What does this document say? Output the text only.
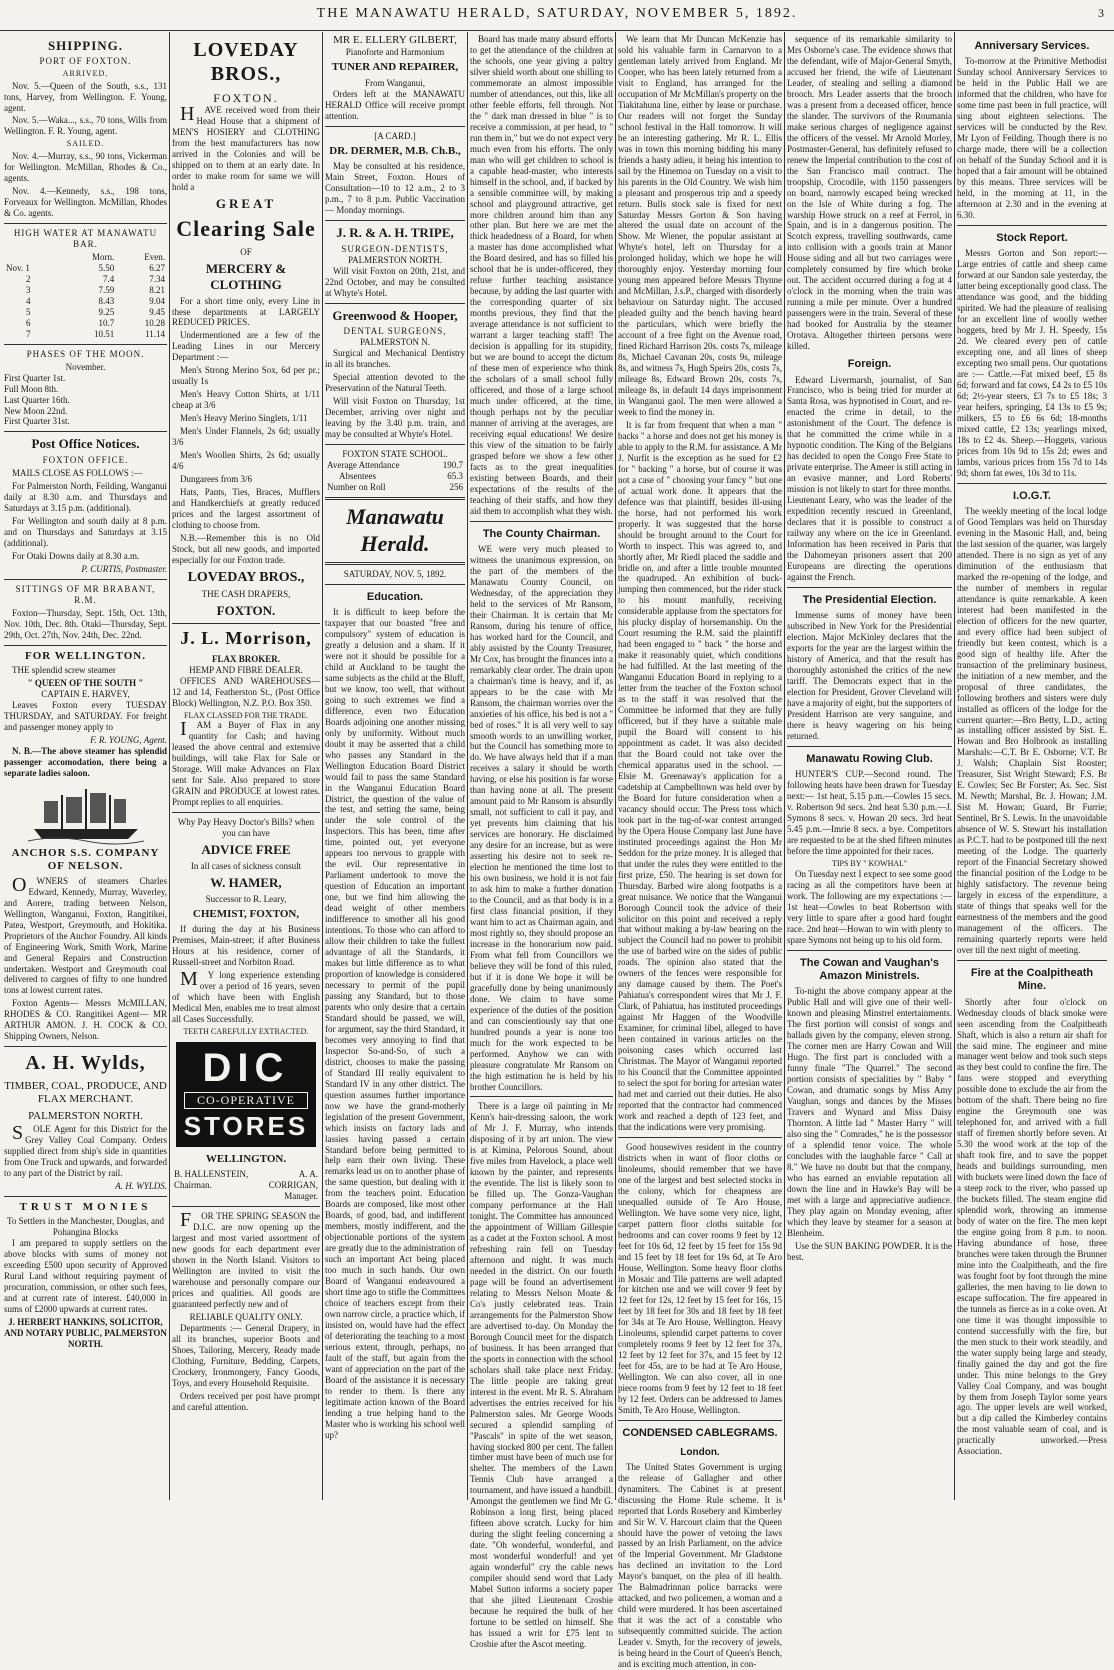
THE MANAWATU HERALD, SATURDAY, NOVEMBER 5, 1892.	3
SHIPPING.
PORT OF FOXTON.
ARRIVED.

Nov. 5.—Queen of the South, s.s., 131 tons, Harvey, from Wellington. F. Young, agent.

Nov. 5.—Waka..., s.s., 70 tons, Wills from Wellington. F. R. Young, agent.

SAILED.

Nov. 4.—Murray, s.s., 90 tons, Vickerman for Wellington. McMillan, Rhodes & Co., agents.

Nov. 4.—Kennedy, s.s., 198 tons, Forveaux for Wellington. McMillan, Rhodes & Co. agents.

HIGH WATER AT MANAWATU BAR.
	Morn.	Even.
Nov. 1	5.50	6.27
2	7.4	7.34
3	7.59	8.21
4	8.43	9.04
5	9.25	9.45
6	10.7	10.28
7	10.51	11.14
PHASES OF THE MOON.
November.
First Quarter 1st.
Full Moon 8th.
Last Quarter 16th.
New Moon 22nd.
First Quarter 31st.
Post Office Notices.
FOXTON OFFICE.

MAILS CLOSE AS FOLLOWS :—

For Palmerston North, Feilding, Wanganui daily at 8.30 a.m. and Thursdays and Saturdays at 3.15 p.m. (additional).

For Wellington and south daily at 8 p.m. and on Thursdays and Saturdays at 3.15 (additional).

For Otaki Downs daily at 8.30 a.m.

P. CURTIS, Postmaster.
SITTINGS OF MR BRABANT, R.M.

Foxton—Thursday, Sept. 15th, Oct. 13th, Nov. 10th, Dec. 8th. Otaki—Thursday, Sept. 29th, Oct. 27th, Nov. 24th, Dec. 22nd.

FOR WELLINGTON.

THE splendid screw steamer

" QUEEN OF THE SOUTH "
CAPTAIN E. HARVEY,

Leaves Foxton every TUESDAY THURSDAY, and SATURDAY. For freight and passenger money apply to

F. R. YOUNG, Agent.

N. B.—The above steamer has splendid passenger accomodation, there being a separate ladies saloon.

ANCHOR S.S. COMPANY OF NELSON.

OWNERS of steamers Charles Edward, Kennedy, Murray, Waverley, and Aorere, trading between Nelson, Wellington, Wanganui, Foxton, Rangitikei, Patea, Westport, Greymouth, and Hokitika. Proprietors of the Anchor Foundry. All kinds of Engineering Work, Smith Work, Marine and General Repairs and Construction undertaken. Westport and Greymouth coal delivered to cargoes of fifty to one hundred tons at lowest current rates.

Foxton Agents— Messrs McMILLAN, RHODES & CO. Rangitikei Agent— MR ARTHUR AMON. J. H. COCK & CO. Shipping Owners, Nelson.

A. H. Wylds,
TIMBER, COAL, PRODUCE, AND FLAX MERCHANT.
PALMERSTON NORTH.

SOLE Agent for this District for the Grey Valley Coal Company. Orders supplied direct from ship's side in quantities from One Truck and upwards, and forwarded to any part of the District by rail.

A. H. WYLDS.
TRUST MONIES
To Settlers in the Manchester, Douglas, and Pohangina Blocks

I am prepared to supply settlers on the above blocks with sums of money not exceeding £500 upon security of Approved Rural Land without requiring payment of procuration, commission, or other such fees, and at current rate of interest. £40,000 in sums of £2000 upwards at current rates.

J. HERBERT HANKINS, SOLICITOR, AND NOTARY PUBLIC, PALMERSTON NORTH.
LOVEDAY BROS.,
FOXTON.

HAVE received word from their Head House that a shipment of MEN'S HOSIERY and CLOTHING from the best manufacturers has now arrived in the Colonies and will be shipped on to them at an early date. In order to make room for same we will hold a

GREAT
Clearing Sale
OF
MERCERY & CLOTHING

For a short time only, every Line in these departments at LARGELY REDUCED PRICES.

Undermentioned are a few of the Leading Lines in our Mercery Department :—

Men's Strong Merino Sox, 6d per pr.; usually 1s

Men's Heavy Cotton Shirts, at 1/11 cheap at 3/6

Men's Heavy Merino Singlets, 1/11

Men's Under Flannels, 2s 6d; usually 3/6

Men's Woollen Shirts, 2s 6d; usually 4/6

Dungarees from 3/6

Hats, Pants, Ties, Braces, Mufflers and Handkerchiefs at greatly reduced prices and the largest assortment of clothing to choose from.

N.B.—Remember this is no Old Stock, but all new goods, and imported especially for our Foxton trade.

LOVEDAY BROS.,
THE CASH DRAPERS,
FOXTON.
J. L. Morrison,
FLAX BROKER.
HEMP AND FIBRE DEALER.

OFFICES AND WAREHOUSES— 12 and 14, Featherston St., (Post Office Block) Wellington, N.Z. P.O. Box 350.

FLAX CLASSED FOR THE TRADE.

IAM a Buyer of Flax in any quantity for Cash; and having leased the above central and extensive buildings, will take Flax for Sale or Storage. Will make Advances on Flax sent for Sale. Also prepared to store GRAIN and PRODUCE at lowest rates. Prompt replies to all enquiries.

Why Pay Heavy Doctor's Bills? when you can have
ADVICE FREE
In all cases of sickness consult
W. HAMER,
Successor to R. Leary,
CHEMIST, FOXTON,

If during the day at his Business Premises, Main-street; if after Business Hours at his residence, corner of Russell-street and Norbiton Road.

MY long experience extending over a period of 16 years, seven of which have been with English Medical Men, enables me to treat almost all Cases Successfully.

TEETH CAREFULLY EXTRACTED.
DIC
CO-OPERATIVE
STORES
WELLINGTON.
B. HALLENSTEIN, Chairman.	A. A. CORRIGAN, Manager.

FOR THE SPRING SEASON the D.I.C. are now opening up the largest and most varied assortment of new goods for each department ever shown in the North Island. Visitors to Wellington are invited to visit the warehouse and personally compare our prices and qualities. All goods are guaranteed perfectly new and of

RELIABLE QUALITY ONLY.

Departments :— General Drapery, in all its branches, superior Boots and Shoes, Tailoring, Mercery, Ready made Clothing, Furniture, Bedding, Carpets, Crockery, Ironmongery, Fancy Goods, Toys, and every Household Requisite.

Orders received per post have prompt and careful attention.

MR E. ELLERY GILBERT,
Pianoforte and Harmonium
TUNER AND REPAIRER,
From Wanganui,

Orders left at the MANAWATU HERALD Office will receive prompt attention.

[A CARD.]
DR. DERMER, M.B. Ch.B.,

May be consulted at his residence, Main Street, Foxton. Hours of Consultation—10 to 12 a.m., 2 to 3 p.m., 7 to 8 p.m. Public Vaccination — Monday mornings.

J. R. & A. H. TRIPE,
SURGEON-DENTISTS,
PALMERSTON NORTH.

Will visit Foxton on 20th, 21st, and 22nd October, and may be consulted at Whyte's Hotel.

Greenwood & Hooper,
DENTAL SURGEONS,
PALMERSTON N.

Surgical and Mechanical Dentistry in all its branches.

Special attention devoted to the Preservation of the Natural Teeth.

Will visit Foxton on Thursday, 1st December, arriving over night and leaving by the 3.40 p.m. train, and may be consulted at Whyte's Hotel.

FOXTON STATE SCHOOL.
Average Attendance	190.7
Absentees	65.3
Number on Roll	256
Manawatu Herald.
SATURDAY, NOV. 5, 1892.
Education.

It is difficult to keep before the taxpayer that our boasted "free and compulsory" system of education is greatly a delusion and a sham. If it were not it should be possible for a child at Auckland to be taught the same subjects as the child at the Bluff, but we know, too well, that without going to such extremes we find a difference, even two Education Boards adjoining one another missing only by uniformity. Without much doubt it may be asserted that a child who passes any Standard in the Wellington Education Board District would fail to pass the same Standard in the Wanganui Education Board District, the question of the value of the test, and setting the same, being under the sole control of the Inspectors. This has been, time after time, pointed out, yet everyone appears too nervous to grapple with the evil. Our representative in Parliament undertook to move the question of Education an important one, but we find him allowing the dead weight of other members indifference to smother all his good intentions. To those who can afford to allow their children to take the fullest advantage of all the Standards, it makes but little difference as to what proportion of knowledge is considered necessary to permit of the pupil passing any Standard, but to those parents who only desire that a certain Standard should be passed, we will, for argument, say the third Standard, it becomes very annoying to find that Inspector So-and-So, of such a district, chooses to make the passing of Standard III really equivalent to Standard IV in any other district. The question assumes further importance now we have the grand-motherly legislation of the present Government, which insists on factory lads and lassies having passed a certain Standard before being permitted to help earn their own living. These remarks lead us on to another phase of the same question, but dealing with it from the teachers point. Education Boards are composed, like most other Boards, of good, bad, and indifferent members, mostly indifferent, and the objectionable portions of the system are greatly due to the administration of such an important Act being placed too much in such hands. Our own Board of Wanganui endeavoured a short time ago to stifle the Committees choice of teachers except from their own narrow circle, a practice which, if insisted on, would have had the effect of deteriorating the teaching to a most serious extent, through, perhaps, no fault of the staff, but again from the want of appreciation on the part of the Board of the assistance it is necessary to render to them. Is there any legitimate action known of the Board lending a true helping hand to the Master who is working his school well up?

Board has made many absurd efforts to get the attendance of the children at the schools, one year giving a paltry silver shield worth about one shilling to commemorate an almost impossible number of attendances, out this, like all other feeble efforts, fell through. Not the " dark man dressed in blue " is to receive a commission, at per head, to " run them in," but we do not expect very much even from his efforts. The only man who will get children to school is a capable head-master, who interests himself in the school, and, if backed by a sensible committee will, by making school and playground attractive, get more children around him than any other plan. But here we are met the thick headedness of a Board, for when a master has done accomplished what the Board desired, and has so filled his school that he is under-officered, they refuse further teaching assistance because, by adding the last quarter with the corresponding quarter of six months previous, they find that the average attendance is not sufficient to warrant a larger teaching staff! The decision is appalling for its stupidity, but we are bound to accept the dictum of these men of experience who think the scholars of a small school fully officered, and those of a large school much under officered, at the time, though perhaps not by the peculiar manner of arriving at the averages, are receiving equal educations! We desire this view of the situation to be fairly grasped before we show a few other facts as to the great inequalities existing between Boards, and their expectations of the results of the teaching of their staffs, and how they aid them to accomplish what they wish.

The County Chairman.

WE were very much pleased to witness the unanimous expression, on the part of the members of the Manawatu County Council, on Wednesday, of the appreciation they held to the services of Mr Ransom, their Chairman. It is certain that Mr Ransom, during his tenure of office, has worked hard for the Council, and ably assisted by the County Treasurer, Mr Cox, has brought the finances into a remarkably clear order. The drain upon a chairman's time is heavy, and if, as appears to be the case with Mr Ransom, the chairman worries over the anxieties of his office, his bed is not a " bed of roses." It is all very well to say smooth words to an unwilling worker, but the Council has something more to do. We have always held that if a man receives a salary it should be worth having, or else his position is far worse than having none at all. The present amount paid to Mr Ransom is absurdly small, not sufficient to call it pay, and yet prevents him claiming that his services are honorary. He disclaimed any desire for an increase, but as were asserting his desire not to seek re-election he mentioned the time lost to his own business, we hold it is not fair to ask him to make a further donation to the Council, and as that body is in a first class financial position, if they want him to act as Chairman again, and most rightly so, they should propose an increase in the honorarium now paid. From what fell from Councillors we believe they will be fond of this ruled, but if it is done We hope it will be gracefully done by being unanimously done. We claim to have some experience of the duties of the position and can conscientiously say that one hundred pounds a year is none too much for the work expected to be performed. Anyhow we can with pleasure congratulate Mr Ransom on the high estimation he is held by his brother Councillors.

There is a large oil painting in Mr Kenn's hair-dressing saloon, the work of Mr J. F. Murray, who intends disposing of it by art union. The view is at Kimina, Pelorous Sound, about five miles from Havelock, a place well known by the painter, and represents the eventide. The list is likely soon to be filled up. The Gonza-Vaughan company performance at the Hall tonight. The Committee has announced the appointment of William Gillespie as a cadet at the Foxton school. A most refreshing rain fell on Tuesday afternoon and night. It was much needed in the district. On our fourth page will be found an advertisement relating to Messrs Nelson Moate & Co's justly celebrated teas. Train arrangements for the Palmerston Show are advertised to-day. On Monday the Borough Council meet for the dispatch of business. It has been arranged that the sports in connection with the school scholars shall take place next Friday. The little people are taking great interest in the event. Mr R. S. Abraham advertises the entries received for his Palmerston sales. Mr George Woods secured a splendid sampling of "Pascals" in spite of the wet season, having stocked 800 per cent. The fallen timber must have been of much use for shelter. The members of the Lawn Tennis Club have arranged a tournament, and have issued a handbill. Amongst the gentlemen we find Mr G. Robinson a long first, being placed fifteen above scratch. Lucky for him during the slight feeling concerning a date. "Oh wonderful, wonderful, and most wonderful wonderful! and yet again wonderful" cry the cable news compiler should send word that Lady Mabel Sutton informs a society paper that she jilted Lieutenant Crosbie because he required the bulk of her fortune to be settled on himself. She has issued a writ for £75 lent to Crosbie after the Ascot meeting.

We learn that Mr Duncan McKenzie has sold his valuable farm in Carnarvon to a gentleman lately arrived from England. Mr Cooper, who has been lately returned from a visit to England, has arranged for the occupation of Mr McMillan's property on the Tiakitahuna line, either by lease or purchase. Our readers will not forget the Sunday school festival in the Hall tomorrow. It will be an interesting gathering. Mr R. L. Ellis was in town this morning bidding his many friends a hasty adieu, it being his intention to sail by the Hinemoa on Tuesday on a visit to his parents in the Old Country. We wish him a pleasant and prosperous trip and a speedy return. Bulls stock sale is fixed for next Saturday Messrs Gorton & Son having altered the usual date on account of the Show. Mr Wiener, the popular assistant at Whyte's hotel, left on Thursday for a prolonged holiday, which we hope he will thoroughly enjoy. Yesterday morning four young men appeared before Messrs Thynne and McMillan, J.s.P., charged with disorderly behaviour on Saturday night. The accused pleaded guilty and the bench having heard the particulars, which were briefly the account of a free fight on the Avenue road, fined Richard Harrison 20s. costs 7s, mileage 8s, Michael Cavanan 20s, costs 9s, mileage 8s, and witness 7s, Hugh Speirs 20s, costs 7s, mileage 8s, Edward Brown 20s, costs 7s, mileage 8s, in default 14 days imprisonment in Wanganui gaol. The men were allowed a week to find the money in.

It is far from frequent that when a man " backs " a horse and does not get his money is able to apply to the R.M. for assistance. A Mr J. Nurfit is the exception as he sued for £2 for " backing " a horse, but of course it was not a case of " choosing your fancy " but one of actual work done. It appears that the defence was that plaintiff, besides ill-using the horse, had not performed his work properly. It was suggested that the horse should be brought around to the Court for Worth to inspect. This was agreed to, and shortly after, Mr Riedl placed the saddle and bridle on, and after a little trouble mounted the quadruped. An exhibition of buck-jumping then commenced, but the rider stuck to his mount manfully, receiving considerable applause from the spectators for his plucky display of horsemanship. On the Court resuming the R.M. said the plaintiff had been engaged to " back " the horse and make it reasonably quiet, which conditions he had fulfilled. At the last meeting of the Wanganui Education Board in replying to a letter from the teacher of the Foxton school as to the staff it was resolved that the Committee be informed that they are fully officered, but if they have a suitable male pupil the Board will consent to his appointment as cadet. It was also decided that the Board could not take over the chemical apparatus used in the school. —Elsie M. Greenaway's application for a cadetship at Campbelltown was held over by the Board for future consideration when a vacancy should occur. The Press toss which took part in the tug-of-war contest arranged by the Opera House Company last June have instituted proceedings against the Hon Mr Seddon for the prize money. It is alleged that that under the rules they were entitled to the first prize, £50. The hearing is set down for Thursday. Barbed wire along footpaths is a great nuisance. We notice that the Wanganui Borough Council took the advice of their solicitor on this point and received a reply that without making a by-law bearing on the subject the Council had no power to prohibit the use of barbed wire on the sides of public roads. The opinion also stated that the owners of the fences were responsible for any damage caused by them. The Poet's Pahiatua's correspondent wires that Mr J. F. Clark, of Pahiatua, has instituted proceedings against Mr Haggen of the Woodville Examiner, for criminal libel, alleged to have been contained in various articles on the poisoning cases which occurred last Christmas. The Mayor of Wanganui reported to his Council that the Committee appointed to select the spot for boring for artesian water had met and carried out their duties. He also reported that the contractor had commenced work and reached a depth of 123 feet, and that the indications were very promising.

Good housewives resident in the country districts when in want of floor cloths or linoleums, should remember that we have one of the largest and best selected stocks in the colony, which for cheapness are unequalled outside of Te Aro House, Wellington. We have some very nice, light, carpet pattern floor cloths suitable for bedrooms and can cover rooms 9 feet by 12 feet for 10s 6d, 12 feet by 15 feet for 15s 9d and 15 feet by 18 feet for 19s 6d, at Te Aro House, Wellington. Some heavy floor cloths in Mosaic and Tile patterns are well adapted for kitchen use and we will cover 9 feet by 12 feet for 12s, 12 feet by 15 feet for 16s, 15 feet by 18 feet for 30s and 18 feet by 18 feet for 34s at Te Aro House, Wellington. Heavy Linoleums, splendid carpet patterns to cover completely rooms 9 feet by 12 feet for 37s, 12 feet by 12 feet for 37s, and 15 feet by 12 feet for 45s, are to be had at Te Aro House, Wellington. We can also cover, all in one piece rooms from 9 feet by 12 feet to 18 feet by 12 feet. Orders can be addressed to James Smith, Te Aro House, Wellington.

CONDENSED CABLEGRAMS.
London.

The United States Government is urging the release of Gallagher and other dynamiters. The Cabinet is at present discussing the Home Rule scheme. It is reported that Lords Rosebery and Kimberley and Sir W. V. Harcourt claim that the Queen should have the power of vetoing the laws passed by an Irish Parliament, on the advice of the Imperial Government. Mr Gladstone has declined an invitation to the Lord Mayor's banquet, on the plea of ill health. The Balmadrinnan police barracks were attacked, and two policemen, a woman and a child were murdered. It has been ascertained that it was the act of a constable who subsequently committed suicide. The action Leader v. Smyth, for the recovery of jewels, is being heard in the Court of Queen's Bench, and is exciting much attention, in con-

sequence of its remarkable similarity to Mrs Osborne's case. The evidence shows that the defendant, wife of Major-General Smyth, accused her friend, the wife of Lieutenant Leader, of stealing and selling a diamond brooch. Mrs Leader asserts that the brooch was a present from a deceased officer, hence the slander. The survivors of the Roumania make serious charges of negligence against the officers of the vessel. Mr Arnold Morley, Postmaster-General, has definitely refused to renew the Imperial contribution to the cost of the San Francisco mail contract. The troopship, Crocodile, with 1150 passengers on board, narrowly escaped being wrecked on the Isle of White during a fog. The warship Howe struck on a reef at Ferrol, in Spain, and is in a dangerous position. The Scotch express, travelling southwards, came into collision with a goods train at Manor House siding and all but two carriages were completely consumed by fire which broke out. The accident occurred during a fog at 4 o'clock in the morning when the train was running a mile per minute. Over a hundred passengers were in the train. Several of these had booked for Australia by the steamer Orotava. Altogether thirteen persons were killed.

Foreign.

Edward Livermarsh, journalist, of San Francisco, who is being tried for murder at Santa Rosa, was hypnotised in Court, and re-enacted the crime in detail, to the astonishment of the Court. The defence is that he committed the crime while in a hypnotic condition. The King of the Belgians has decided to open the Congo Free State to private enterprise. The Ameer is still acting in an evasive manner, and Lord Roberts' mission is not likely to start for three months. Lieutenant Leary, who was the leader of the expedition recently rescued in Greenland, declares that it is possible to construct a railway any where on the ice in Greenland. Information has been received in Paris that the Dahomeyan prisoners assert that 200 Europeans are directing the operations against the French.

The Presidential Election.

Immense sums of money have been subscribed in New York for the Presidential election. Major McKinley declares that the exports for the year are the largest within the history of America, and that the result has thoroughly astonished the critics of the new tariff. The Democrats expect that in the election for President, Grover Cleveland will have a majority of eight, but the supporters of President Harrison are very sanguine, and there is heavy wagering on his being returned.

Manawatu Rowing Club.

HUNTER'S CUP.—Second round. The following heats have been drawn for Tuesday next:— 1st heat, 5.15 p.m.—Cowles 15 secs. v. Robertson 9d secs. 2nd heat 5.30 p.m.—J. Symons 8 secs. v. Howan 20 secs. 3rd heat 5.45 p.m.—Imrie 8 secs. a bye. Competitors are requested to be at the shed fifteen minutes before the time appointed for their races.

TIPS BY " KOWHAI."

On Tuesday next I expect to see some good racing as all the competitors have been at work. The following are my expectations :— 1st heat—Cowles to beat Robertson with very little to spare after a good hard fought race. 2nd heat—Howan to win with plenty to spare Symons not being up to his old form.

The Cowan and Vaughan's Amazon Ministrels.

To-night the above company appear at the Public Hall and will give one of their well-known and pleasing Minstrel entertainments. The first portion will consist of songs and ballads given by the company, eleven strong. The corner men are Harry Cowan and Will Hugo. The first part is concluded with a funny finale "The Quarrel." The second portion consists of specialities by " Baby " Cowan, and dramatic songs by Miss Amy Vaughan, songs and dances by the Misses Travers and Wynard and Miss Daisy Thornton. A little lad " Master Harry " will also sing the " Comrades," he is the possessor of a splendid tenor voice. The whole concludes with the laughable farce " Call at 8." We have no doubt but that the company, who has earned an enviable reputation all down the line and in Hawke's Bay will be met with a large and appreciative audience. They play again on Monday evening, after which they leave by steamer for a season at Blenheim.

Use the SUN BAKING POWDER. It is the best.

Anniversary Services.

To-morrow at the Primitive Methodist Sunday school Anniversary Services to be held in the Public Hall we are informed that the children, who have for some time past been in full practice, will sing about eighteen selections. The services will be conducted by the Rev. Mr Lyon of Feilding. Though there is no charge made, there will be a collection on behalf of the Sunday School and it is hoped that a fair amount will be obtained by this means. Three services will be held, in the morning at 11, in the afternoon at 2.30 and in the evening at 6.30.

Stock Report.

Messrs Gorton and Son report:— Large entries of cattle and sheep came forward at our Sandon sale yesterday, the latter being exceptionally good class. The attendance was good, and the bidding spirited. We had the pleasure of realising for an excellent line of woolly wether hoggets, bred by Mr J. H. Speedy, 15s 2d. We cleared every pen of cattle excepting one, and all lines of sheep excepting two small pens. Our quotations are :— Cattle.—Fat mixed beef, £5 8s 6d; forward and fat cows, £4 2s to £5 10s 6d; 2½-year steers, £3 7s to £5 18s; 3 year heifers, springing, £4 13s to £5 9s; milkers, £5 to £6 6s 6d; 18-months mixed cattle, £2 13s; yearlings mixed, 18s to £2 4s. Sheep.—Hoggets, various prices from 10s 9d to 15s 2d; ewes and lambs, various prices from 15s 7d to 14s 9d; shorn fat ewes, 10s 3d to 11s.

I.O.G.T.

The weekly meeting of the local lodge of Good Templars was held on Thursday evening in the Masonic Hall, and, being the last session of the quarter, was largely attended. There is no sign as yet of any diminution of the enthusiasm that marked the re-opening of the lodge, and the number of members in regular attendance is quite remarkable. A keen interest had been manifested in the election of officers for the new quarter, and every office had been subject of friendly but keen contest, which is a good sign of healthy life. After the transaction of the preliminary business, the initiation of a new member, and the proposal of three candidates, the following brothers and sisters were duly installed as officers of the lodge for the current quarter:—Bro Betty, L.D., acting as installing officer assisted by Sist. E. Howan and Bro Holbrook as installing Marshals:—C.T. Br E. Osborne; V.T. Br J. Walsh; Chaplain Sist Rooster; Treasurer, Sist Wright Steward; F.S. Br E. Cowles; Sec Br Forster; As. Sec. Sist M. Newth; Marshal, Br. J. Howan; J.M. Sist M. Howan; Guard, Br Furrie; Sentinel, Br S. Lewis. In the unavoidable absence of W. S. Stewart his installation as P.C.T. had to be postponed till the next meeting of the Lodge. The quarterly report of the Financial Secretary showed the financial position of the Lodge to be highly satisfactory. The revenue being largely in excess of the expenditure, a state of things that speaks well for the earnestness of the members and the good management of the officers. The remaining quarterly reports were held over till the next night of meeting.

Fire at the Coalpitheath Mine.

Shortly after four o'clock on Wednesday clouds of black smoke were seen ascending from the Coalpitheath Shaft, which is also a return air shaft for the said mine. The engineer and mine manager went below and took such steps as they best could to confine the fire. The fans were stopped and everything possible done to exclude the air from the bottom of the shaft. There being no fire engine the Greymouth one was telephoned for, and arrived with a full staff of firemen shortly before seven. At 5.30 the wood work at the top of the shaft took fire, and to save the poppet heads and buildings surrounding, men with buckets were lined down the face of a steep rock to the river, who passed up the buckets filled. The steam engine did splendid work, throwing an immense body of water on the fire. The men kept the engine going from 8 p.m. to noon. Having abundance of hose, three branches were taken through the Brunner mine into the Coalpitheath, and the fire was fought foot by foot through the mine galleries, the men having to lie down to escape suffocation. The fire appeared in the tunnels as fierce as in a coke oven. At one time it was thought impossible to contend successfully with the fire, but the men stuck to their work steadily, and the water supply being large and steady, finally gained the day and got the fire under. This mine belongs to the Grey Valley Coal Company, and was bought by them from Joseph Taylor some years ago. The upper levels are well worked, but a dip called the Kimberley contains the most valuable seam of coal, and is practically unworked.—Press Association.
